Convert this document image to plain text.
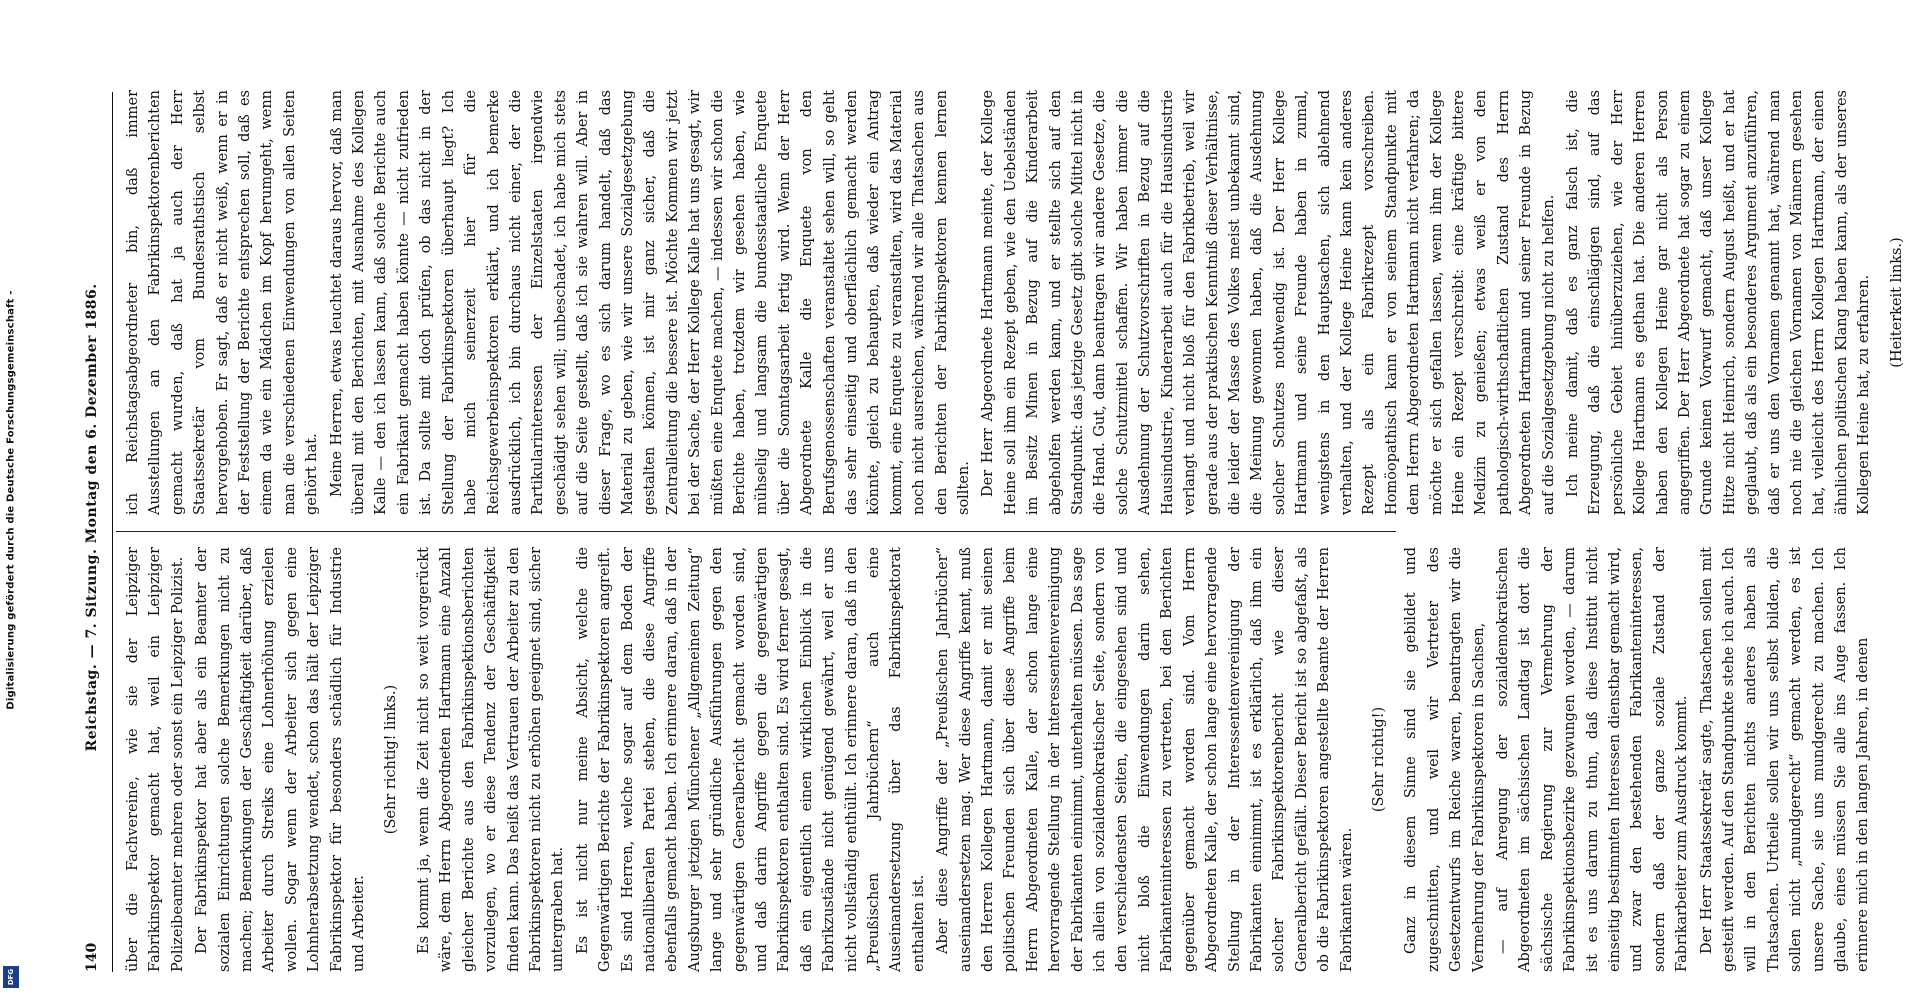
Digitalisierung gefördert durch die Deutsche Forschungsgemeinschaft -
DFG
140
Reichstag. — 7. Sitzung. Montag den 6. Dezember 1886.

über die Fachvereine, wie sie der Leipziger Fabrikinspektor gemacht hat, weil ein Leipziger Polizeibeamter mehren oder sonst ein Leipziger Polizist. Der Fabrikinspektor hat aber als ein Beamter der sozialen Einrichtungen solche Bemerkungen nicht zu machen; Bemerkungen der Geschäftigkeit darüber, daß Arbeiter durch Streiks eine Lohnerhöhung erzielen wollen. Sogar wenn der Arbeiter sich gegen eine Lohnherabsetzung wendet, schon das hält der Leipziger Fabrikinspektor für besonders schädlich für Industrie und Arbeiter.

(Sehr richtig! links.) Es kommt ja, wenn die Zeit nicht so weit vorgerückt wäre, dem Herrn Abgeordneten Hartmann eine Anzahl gleicher Berichte aus den Fabrikinspektionsberichten vorzulegen, wo er diese Tendenz der Geschäftigkeit finden kann. Das heißt das Vertrauen der Arbeiter zu den Fabrikinspektoren nicht zu erhöhen geeignet sind, sicher untergraben hat. Es ist nicht nur meine Absicht, welche die Gegenwärtigen Berichte der Fabrikinspektoren angreift. Es sind Herren, welche sogar auf dem Boden der nationalliberalen Partei stehen, die diese Angriffe ebenfalls gemacht haben. Ich erinnere daran, daß in der Augsburger jetzigen Münchener „Allgemeinen Zeitung“ lange und sehr gründliche Ausführungen gegen den gegenwärtigen Generalbericht gemacht worden sind, und daß darin Angriffe gegen die gegenwärtigen Fabrikinspektoren enthalten sind. Es wird ferner gesagt, daß ein eigentlich einen wirklichen Einblick in die Fabrikzustände nicht genügend gewährt, weil er uns nicht vollständig enthüllt. Ich erinnere daran, daß in den „Preußischen Jahrbüchern“ auch eine Auseinandersetzung über das Fabrikinspektorat enthalten ist. Aber diese Angriffe der „Preußischen Jahrbücher“ auseinandersetzen mag. Wer diese Angriffe kennt, muß den Herren Kollegen Hartmann, damit er mit seinen politischen Freunden sich über diese Angriffe beim Herrn Abgeordneten Kalle, der schon lange eine hervorragende Stellung in der Interessentenvereinigung der Fabrikanten einnimmt, unterhalten müssen. Das sage ich allein von sozialdemokratischer Seite, sondern von den verschiedensten Seiten, die eingesehen sind und nicht bloß die Einwendungen darin sehen, Fabrikanteninteressen zu vertreten, bei den Berichten gegenüber gemacht worden sind. Vom Herrn Abgeordneten Kalle, der schon lange eine hervorragende Stellung in der Interessentenvereinigung der Fabrikanten einnimmt, ist es erklärlich, daß ihm ein solcher Fabrikinspektorenbericht wie dieser Generalbericht gefällt. Dieser Bericht ist so abgefaßt, als ob die Fabrikinspektoren angestellte Beamte der Herren Fabrikanten wären.

(Sehr richtig!) Ganz in diesem Sinne sind sie gebildet und zugeschnitten, und weil wir Vertreter des Gesetzentwurfs im Reiche waren, beantragten wir die Vermehrung der Fabrikinspektoren in Sachsen, — auf Anregung der sozialdemokratischen Abgeordneten im sächsischen Landtag ist dort die sächsische Regierung zur Vermehrung der Fabrikinspektionsbezirke gezwungen worden, — darum ist es uns darum zu thun, daß diese Institut nicht einseitig bestimmten Interessen dienstbar gemacht wird, und zwar den bestehenden Fabrikanteninteressen, sondern daß der ganze soziale Zustand der Fabrikarbeiter zum Ausdruck kommt. Der Herr Staatssekretär sagte, Thatsachen sollen mit gesteift werden. Auf den Standpunkte stehe ich auch. Ich will in den Berichten nichts anderes haben als Thatsachen. Urtheile sollen wir uns selbst bilden, die sollen nicht „mundgerecht“ gemacht werden, es ist unsere Sache, sie uns mundgerecht zu machen. Ich glaube, eines müssen Sie alle ins Auge fassen. Ich erinnere mich in den langen Jahren, in denen

ich Reichstagsabgeordneter bin, daß immer Ausstellungen an den Fabrikinspektorenberichten gemacht wurden, daß hat ja auch der Herr Staatssekretär vom Bundesrathstisch selbst hervorgehoben. Er sagt, daß er nicht weiß, wenn er in der Feststellung der Berichte entsprechen soll, daß es einem da wie ein Mädchen im Kopf herumgeht, wenn man die verschiedenen Einwendungen von allen Seiten gehört hat. Meine Herren, etwas leuchtet daraus hervor, daß man überall mit den Berichten, mit Ausnahme des Kollegen Kalle — den ich lassen kann, daß solche Berichte auch ein Fabrikant gemacht haben könnte — nicht zufrieden ist. Da sollte mit doch prüfen, ob das nicht in der Stellung der Fabrikinspektoren überhaupt liegt? Ich habe mich seinerzeit hier für die Reichsgewerbeinspektoren erklärt, und ich bemerke ausdrücklich, ich bin durchaus nicht einer, der die Partikularinteressen der Einzelstaaten irgendwie geschädigt sehen will; unbeschadet, ich habe mich stets auf die Seite gestellt, daß ich sie wahren will. Aber in dieser Frage, wo es sich darum handelt, daß das Material zu geben, wie wir unsere Sozialgesetzgebung gestalten können, ist mir ganz sicher, daß die Zentralleitung die bessere ist. Möchte Kommen wir jetzt bei der Sache, der Herr Kollege Kalle hat uns gesagt, wir müßten eine Enquete machen, — indessen wir schon die Berichte haben, trotzdem wir gesehen haben, wie mühselig und langsam die bundesstaatliche Enquete über die Sonntagsarbeit fertig wird. Wenn der Herr Abgeordnete Kalle die Enquete von den Berufsgenossenschaften veranstaltet sehen will, so geht das sehr einseitig und oberflächlich gemacht werden könnte, gleich zu behaupten, daß wieder ein Antrag kommt, eine Enquete zu veranstalten, wird das Material noch nicht ausreichen, während wir alle Thatsachen aus den Berichten der Fabrikinspektoren kennen lernen sollten. Der Herr Abgeordnete Hartmann meinte, der Kollege Heine soll ihm ein Rezept geben, wie den Uebelständen im Besitz Minen in Bezug auf die Kinderarbeit abgeholfen werden kann, und er stellte sich auf den Standpunkt: das jetzige Gesetz gibt solche Mittel nicht in die Hand. Gut, dann beantragen wir andere Gesetze, die solche Schutzmittel schaffen. Wir haben immer die Ausdehnung der Schutzvorschriften in Bezug auf die Hausindustrie, Kinderarbeit auch für die Hausindustrie verlangt und nicht bloß für den Fabrikbetrieb, weil wir gerade aus der praktischen Kenntniß dieser Verhältnisse, die leider der Masse des Volkes meist unbekannt sind, die Meinung gewonnen haben, daß die Ausdehnung solcher Schutzes nothwendig ist. Der Herr Kollege Hartmann und seine Freunde haben in zumal, wenigstens in den Hauptsachen, sich ablehnend verhalten, und der Kollege Heine kann kein anderes Rezept als ein Fabrikrezept vorschreiben. Homöopathisch kann er von seinem Standpunkte mit dem Herrn Abgeordneten Hartmann nicht verfahren; da möchte er sich gefallen lassen, wenn ihm der Kollege Heine ein Rezept verschreibt: eine kräftige bittere Medizin zu genießen; etwas weiß er von den pathologisch-wirthschaftlichen Zustand des Herrn Abgeordneten Hartmann und seiner Freunde in Bezug auf die Sozialgesetzgebung nicht zu helfen. Ich meine damit, daß es ganz falsch ist, die Erzeugung, daß die einschlägigen sind, auf das persönliche Gebiet hinüberzuziehen, wie der Herr Kollege Hartmann es gethan hat. Die anderen Herren haben den Kollegen Heine gar nicht als Person angegriffen. Der Herr Abgeordnete hat sogar zu einem Grunde keinen Vorwurf gemacht, daß unser Kollege Hitze nicht Heinrich, sondern August heißt, und er hat geglaubt, daß als ein besonderes Argument anzuführen, daß er uns den Vornamen genannt hat, während man noch nie die gleichen Vornamen von Männern gesehen hat, vielleicht des Herrn Kollegen Hartmann, der einen ähnlichen politischen Klang haben kann, als der unseres Kollegen Heine hat, zu erfahren. (Heiterkeit links.)
